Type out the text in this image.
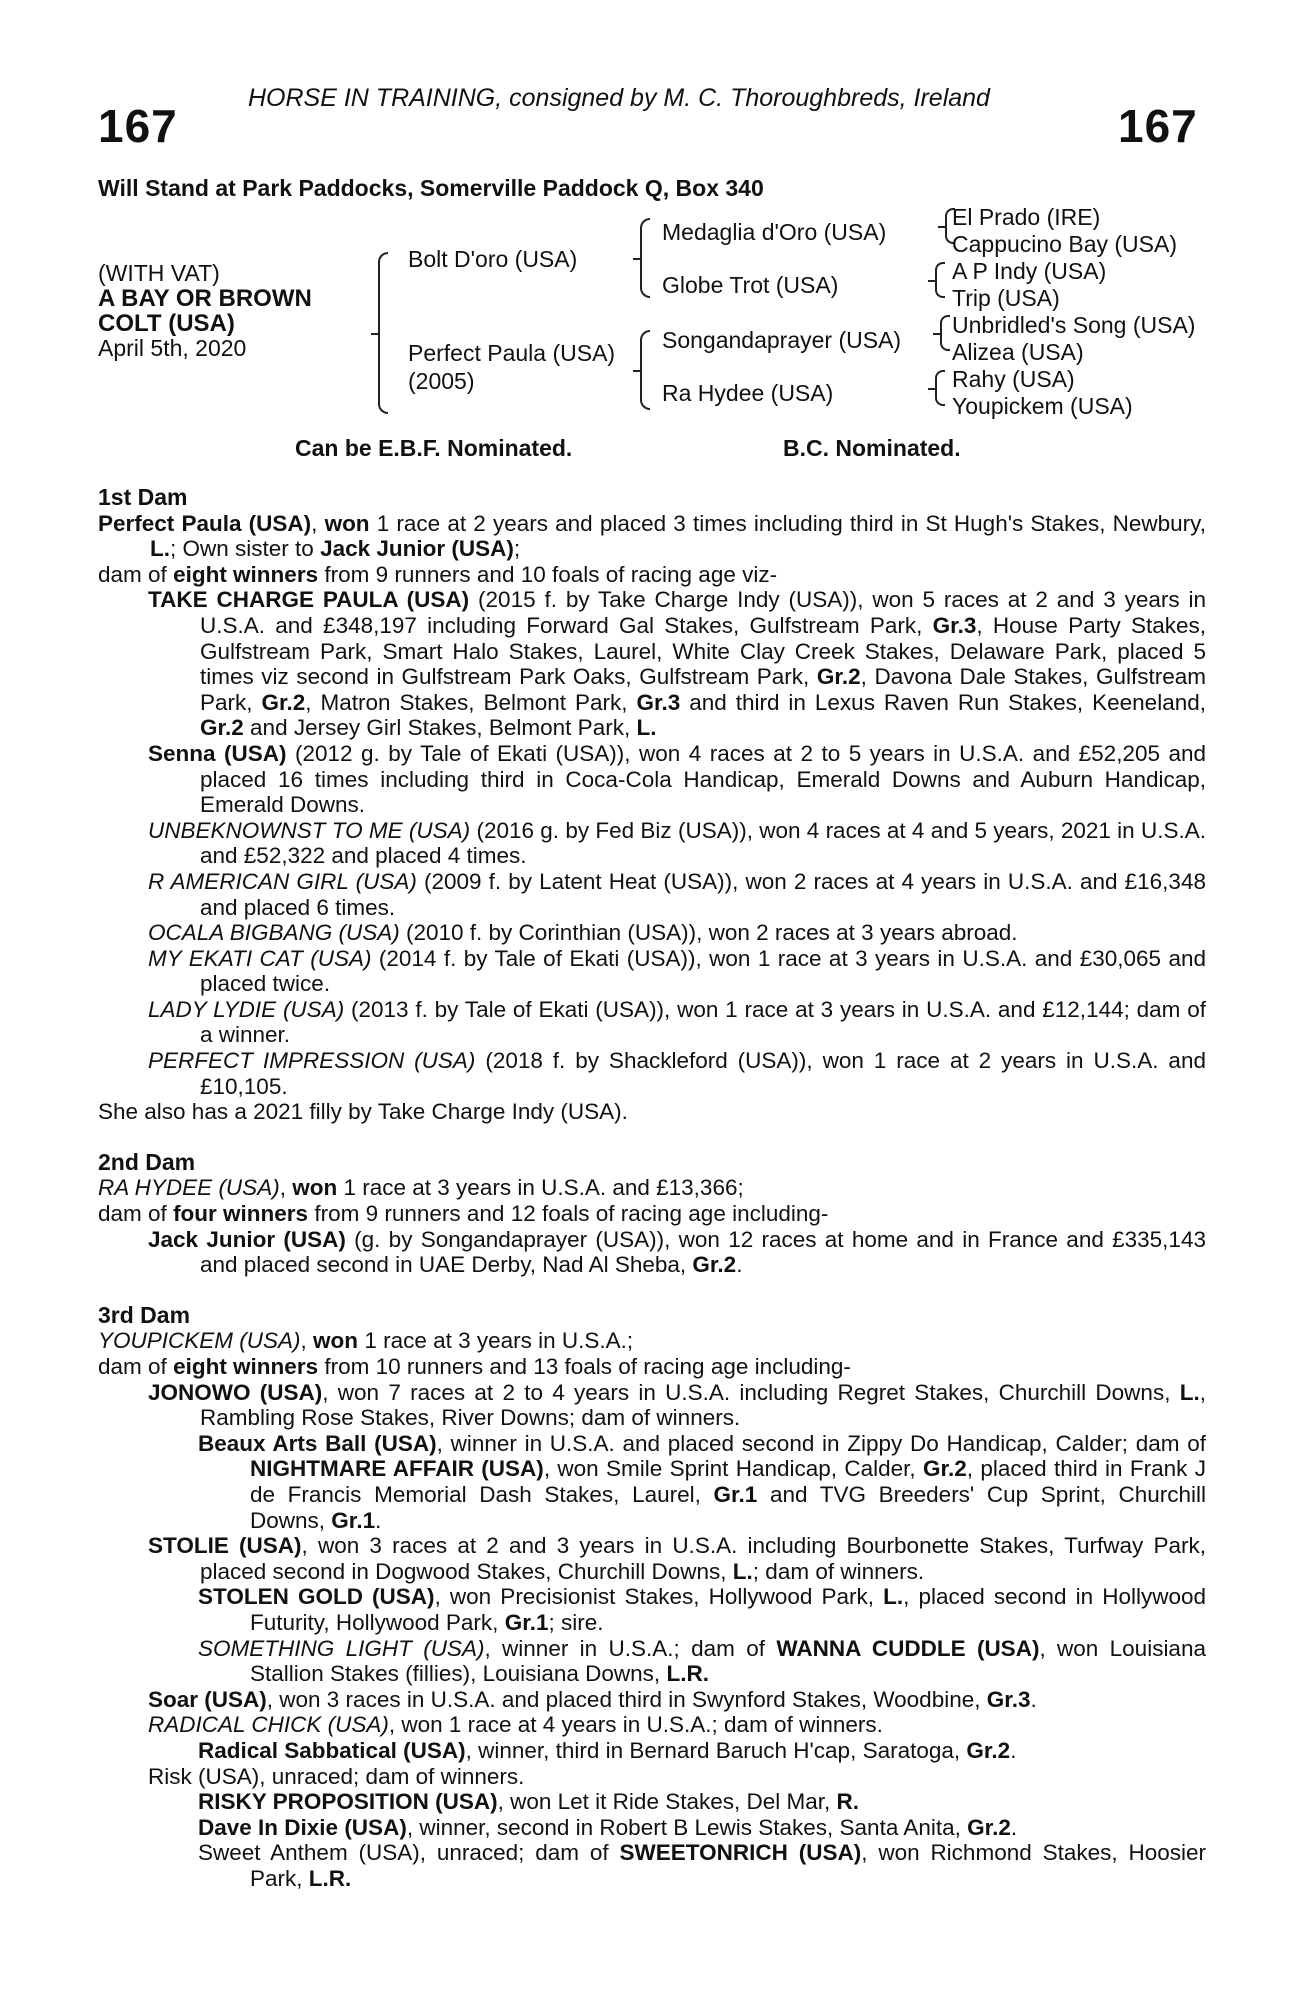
HORSE IN TRAINING, consigned by M. C. Thoroughbreds, Ireland
167	167
Will Stand at Park Paddocks, Somerville Paddock Q, Box 340
(WITH VAT)
A BAY OR BROWN
COLT (USA)
April 5th, 2020
Bolt D'oro (USA)
Perfect Paula (USA)
(2005)
Medaglia d'Oro (USA)
Globe Trot (USA)
Songandaprayer (USA)
Ra Hydee (USA)
El Prado (IRE)
Cappucino Bay (USA)
A P Indy (USA)
Trip (USA)
Unbridled's Song (USA)
Alizea (USA)
Rahy (USA)
Youpickem (USA)
Can be E.B.F. Nominated.	B.C. Nominated.
1st Dam

Perfect Paula (USA), won 1 race at 2 years and placed 3 times including third in St Hugh's Stakes, Newbury, L.; Own sister to Jack Junior (USA);

dam of eight winners from 9 runners and 10 foals of racing age viz-

TAKE CHARGE PAULA (USA) (2015 f. by Take Charge Indy (USA)), won 5 races at 2 and 3 years in U.S.A. and £348,197 including Forward Gal Stakes, Gulfstream Park, Gr.3, House Party Stakes, Gulfstream Park, Smart Halo Stakes, Laurel, White Clay Creek Stakes, Delaware Park, placed 5 times viz second in Gulfstream Park Oaks, Gulfstream Park, Gr.2, Davona Dale Stakes, Gulfstream Park, Gr.2, Matron Stakes, Belmont Park, Gr.3 and third in Lexus Raven Run Stakes, Keeneland, Gr.2 and Jersey Girl Stakes, Belmont Park, L.

Senna (USA) (2012 g. by Tale of Ekati (USA)), won 4 races at 2 to 5 years in U.S.A. and £52,205 and placed 16 times including third in Coca-Cola Handicap, Emerald Downs and Auburn Handicap, Emerald Downs.

UNBEKNOWNST TO ME (USA) (2016 g. by Fed Biz (USA)), won 4 races at 4 and 5 years, 2021 in U.S.A. and £52,322 and placed 4 times.

R AMERICAN GIRL (USA) (2009 f. by Latent Heat (USA)), won 2 races at 4 years in U.S.A. and £16,348 and placed 6 times.

OCALA BIGBANG (USA) (2010 f. by Corinthian (USA)), won 2 races at 3 years abroad.

MY EKATI CAT (USA) (2014 f. by Tale of Ekati (USA)), won 1 race at 3 years in U.S.A. and £30,065 and placed twice.

LADY LYDIE (USA) (2013 f. by Tale of Ekati (USA)), won 1 race at 3 years in U.S.A. and £12,144; dam of a winner.

PERFECT IMPRESSION (USA) (2018 f. by Shackleford (USA)), won 1 race at 2 years in U.S.A. and £10,105.

She also has a 2021 filly by Take Charge Indy (USA).

2nd Dam

RA HYDEE (USA), won 1 race at 3 years in U.S.A. and £13,366;

dam of four winners from 9 runners and 12 foals of racing age including-

Jack Junior (USA) (g. by Songandaprayer (USA)), won 12 races at home and in France and £335,143 and placed second in UAE Derby, Nad Al Sheba, Gr.2.

3rd Dam

YOUPICKEM (USA), won 1 race at 3 years in U.S.A.;

dam of eight winners from 10 runners and 13 foals of racing age including-

JONOWO (USA), won 7 races at 2 to 4 years in U.S.A. including Regret Stakes, Churchill Downs, L., Rambling Rose Stakes, River Downs; dam of winners.

Beaux Arts Ball (USA), winner in U.S.A. and placed second in Zippy Do Handicap, Calder; dam of NIGHTMARE AFFAIR (USA), won Smile Sprint Handicap, Calder, Gr.2, placed third in Frank J de Francis Memorial Dash Stakes, Laurel, Gr.1 and TVG Breeders' Cup Sprint, Churchill Downs, Gr.1.

STOLIE (USA), won 3 races at 2 and 3 years in U.S.A. including Bourbonette Stakes, Turfway Park, placed second in Dogwood Stakes, Churchill Downs, L.; dam of winners.

STOLEN GOLD (USA), won Precisionist Stakes, Hollywood Park, L., placed second in Hollywood Futurity, Hollywood Park, Gr.1; sire.

SOMETHING LIGHT (USA), winner in U.S.A.; dam of WANNA CUDDLE (USA), won Louisiana Stallion Stakes (fillies), Louisiana Downs, L.R.

Soar (USA), won 3 races in U.S.A. and placed third in Swynford Stakes, Woodbine, Gr.3.

RADICAL CHICK (USA), won 1 race at 4 years in U.S.A.; dam of winners.

Radical Sabbatical (USA), winner, third in Bernard Baruch H'cap, Saratoga, Gr.2.

Risk (USA), unraced; dam of winners.

RISKY PROPOSITION (USA), won Let it Ride Stakes, Del Mar, R.

Dave In Dixie (USA), winner, second in Robert B Lewis Stakes, Santa Anita, Gr.2.

Sweet Anthem (USA), unraced; dam of SWEETONRICH (USA), won Richmond Stakes, Hoosier Park, L.R.
